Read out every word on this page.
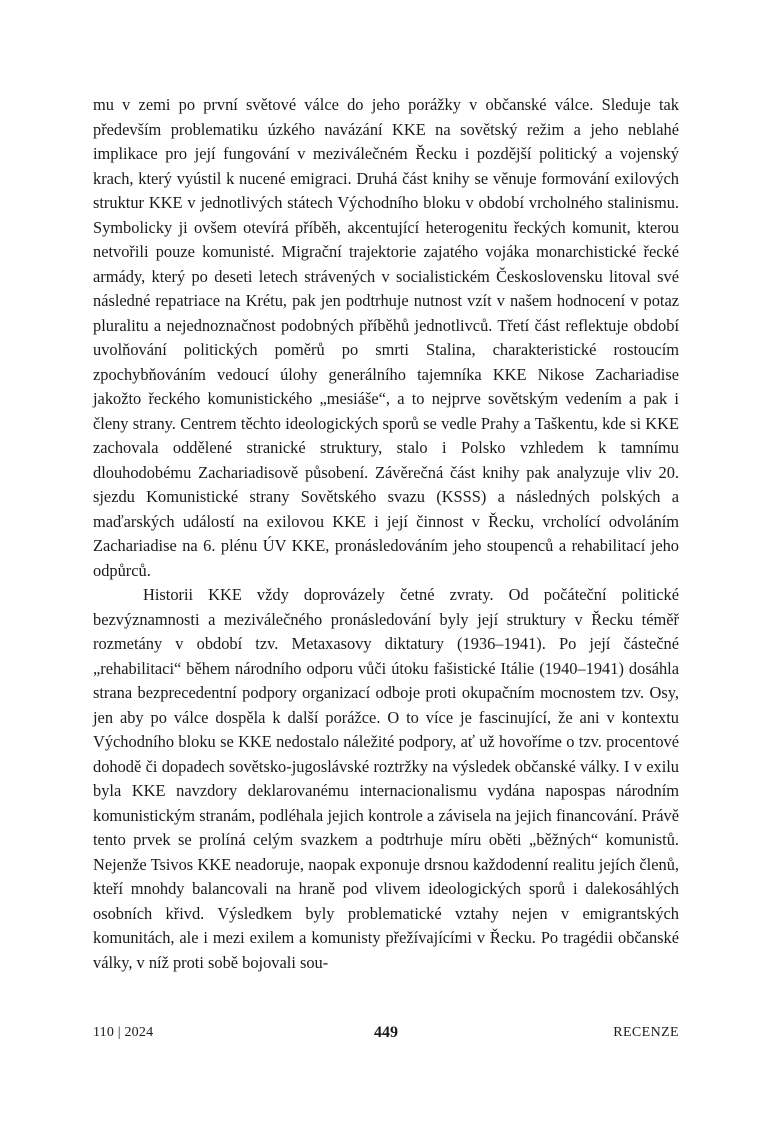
mu v zemi po první světové válce do jeho porážky v občanské válce. Sleduje tak především problematiku úzkého navázání KKE na sovětský režim a jeho neblahé implikace pro její fungování v meziválečném Řecku i pozdější politický a vojenský krach, který vyústil k nucené emigraci. Druhá část knihy se věnuje formování exilových struktur KKE v jednotlivých státech Východního bloku v období vrcholného stalinismu. Symbolicky ji ovšem otevírá příběh, akcentující heterogenitu řeckých komunit, kterou netvořili pouze komunisté. Migrační trajektorie zajatého vojáka monarchistické řecké armády, který po deseti letech strávených v socialistickém Československu litoval své následné repatriace na Krétu, pak jen podtrhuje nutnost vzít v našem hodnocení v potaz pluralitu a nejednoznačnost podobných příběhů jednotlivců. Třetí část reflektuje období uvolňování politických poměrů po smrti Stalina, charakteristické rostoucím zpochybňováním vedoucí úlohy generálního tajemníka KKE Nikose Zachariadise jakožto řeckého komunistického „mesiáše“, a to nejprve sovětským vedením a pak i členy strany. Centrem těchto ideologických sporů se vedle Prahy a Taškentu, kde si KKE zachovala oddělené stranické struktury, stalo i Polsko vzhledem k tamnímu dlouhodobému Zachariadisově působení. Závěrečná část knihy pak analyzuje vliv 20. sjezdu Komunistické strany Sovětského svazu (KSSS) a následných polských a maďarských událostí na exilovou KKE i její činnost v Řecku, vrcholící odvoláním Zachariadise na 6. plénu ÚV KKE, pronásledováním jeho stoupenců a rehabilitací jeho odpůrců.

Historii KKE vždy doprovázely četné zvraty. Od počáteční politické bezvýznamnosti a meziválečného pronásledování byly její struktury v Řecku téměř rozmetány v období tzv. Metaxasovy diktatury (1936–1941). Po její částečné „rehabilitaci“ během národního odporu vůči útoku fašistické Itálie (1940–1941) dosáhla strana bezprecedentní podpory organizací odboje proti okupačním mocnostem tzv. Osy, jen aby po válce dospěla k další porážce. O to více je fascinující, že ani v kontextu Východního bloku se KKE nedostalo náležité podpory, ať už hovoříme o tzv. procentové dohodě či dopadech sovětsko-jugoslávské roztržky na výsledek občanské války. I v exilu byla KKE navzdory deklarovanému internacionalismu vydána napospas národním komunistickým stranám, podléhala jejich kontrole a závisela na jejich financování. Právě tento prvek se prolíná celým svazkem a podtrhuje míru oběti „běžných“ komunistů. Nejenže Tsivos KKE neadoruje, naopak exponuje drsnou každodenní realitu jejích členů, kteří mnohdy balancovali na hraně pod vlivem ideologických sporů i dalekosáhlých osobních křivd. Výsledkem byly problematické vztahy nejen v emigrantských komunitách, ale i mezi exilem a komunisty přežívajícími v Řecku. Po tragédii občanské války, v níž proti sobě bojovali sou-

110 | 2024	449	RECENZE
